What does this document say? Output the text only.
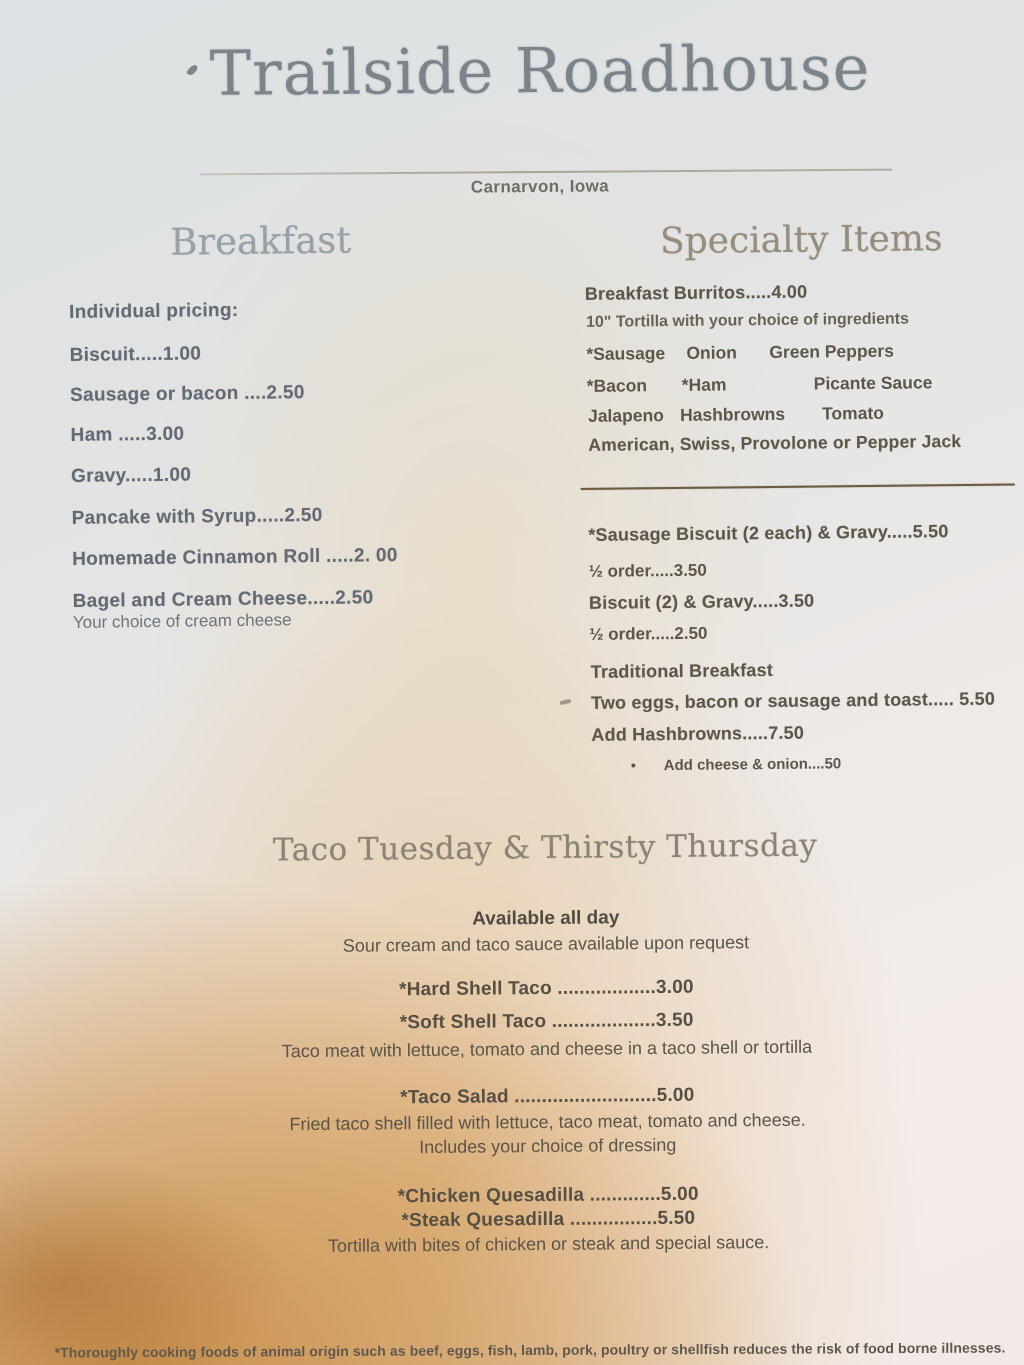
Trailside Roadhouse
Carnarvon, Iowa
Breakfast
Individual pricing:
Biscuit.....1.00
Sausage or bacon ....2.50
Ham .....3.00
Gravy.....1.00
Pancake with Syrup.....2.50
Homemade Cinnamon Roll .....2. 00
Bagel and Cream Cheese.....2.50
Your choice of cream cheese
Specialty Items
Breakfast Burritos.....4.00
10" Tortilla with your choice of ingredients
*Sausage Onion Green Peppers
*Bacon *Ham	Picante Sauce
Jalapeno Hashbrowns Tomato
American, Swiss, Provolone or Pepper Jack
*Sausage Biscuit (2 each) & Gravy.....5.50
½ order.....3.50
Biscuit (2) & Gravy.....3.50
½ order.....2.50
Traditional Breakfast
Two eggs, bacon or sausage and toast..... 5.50
Add Hashbrowns.....7.50
• Add cheese & onion....50
Taco Tuesday & Thirsty Thursday
Available all day
Sour cream and taco sauce available upon request
*Hard Shell Taco ..................3.00
*Soft Shell Taco ...................3.50
Taco meat with lettuce, tomato and cheese in a taco shell or tortilla
*Taco Salad ..........................5.00
Fried taco shell filled with lettuce, taco meat, tomato and cheese.
Includes your choice of dressing
*Chicken Quesadilla .............5.00
*Steak Quesadilla ................5.50
Tortilla with bites of chicken or steak and special sauce.
*Thoroughly cooking foods of animal origin such as beef, eggs, fish, lamb, pork, poultry or shellfish reduces the risk of food borne illnesses.
